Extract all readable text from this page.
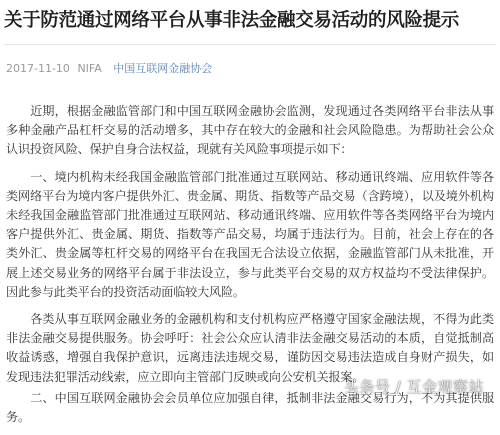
关于防范通过网络平台从事非法金融交易活动的风险提示
2017-11-10 NIFA 中国互联网金融协会

近期，根据金融监管部门和中国互联网金融协会监测，发现通过各类网络平台非法从事多种金融产品杠杆交易的活动增多，其中存在较大的金融和社会风险隐患。为帮助社会公众认识投资风险、保护自身合法权益，现就有关风险事项提示如下：

一、境内机构未经我国金融监管部门批准通过互联网站、移动通讯终端、应用软件等各类网络平台为境内客户提供外汇、贵金属、期货、指数等产品交易（含跨境），以及境外机构未经我国金融监管部门批准通过互联网站、移动通讯终端、应用软件等各类网络平台为境内客户提供外汇、贵金属、期货、指数等产品交易，均属于违法行为。目前，社会上存在的各类外汇、贵金属等杠杆交易的网络平台在我国无合法设立依据，金融监管部门从未批准，开展上述交易业务的网络平台属于非法设立，参与此类平台交易的双方权益均不受法律保护。因此参与此类平台的投资活动面临较大风险。

各类从事互联网金融业务的金融机构和支付机构应严格遵守国家金融法规，不得为此类非法金融交易提供服务。协会呼吁：社会公众应认清非法金融交易活动的本质，自觉抵制高收益诱惑，增强自我保护意识，远离违法违规交易，谨防因交易违法造成自身财产损失，如发现违法犯罪活动线索，应立即向主管部门反映或向公安机关报案。

二、中国互联网金融协会会员单位应加强自律，抵制非法金融交易行为，不为其提供服务。

头条号 / 互金观察站
